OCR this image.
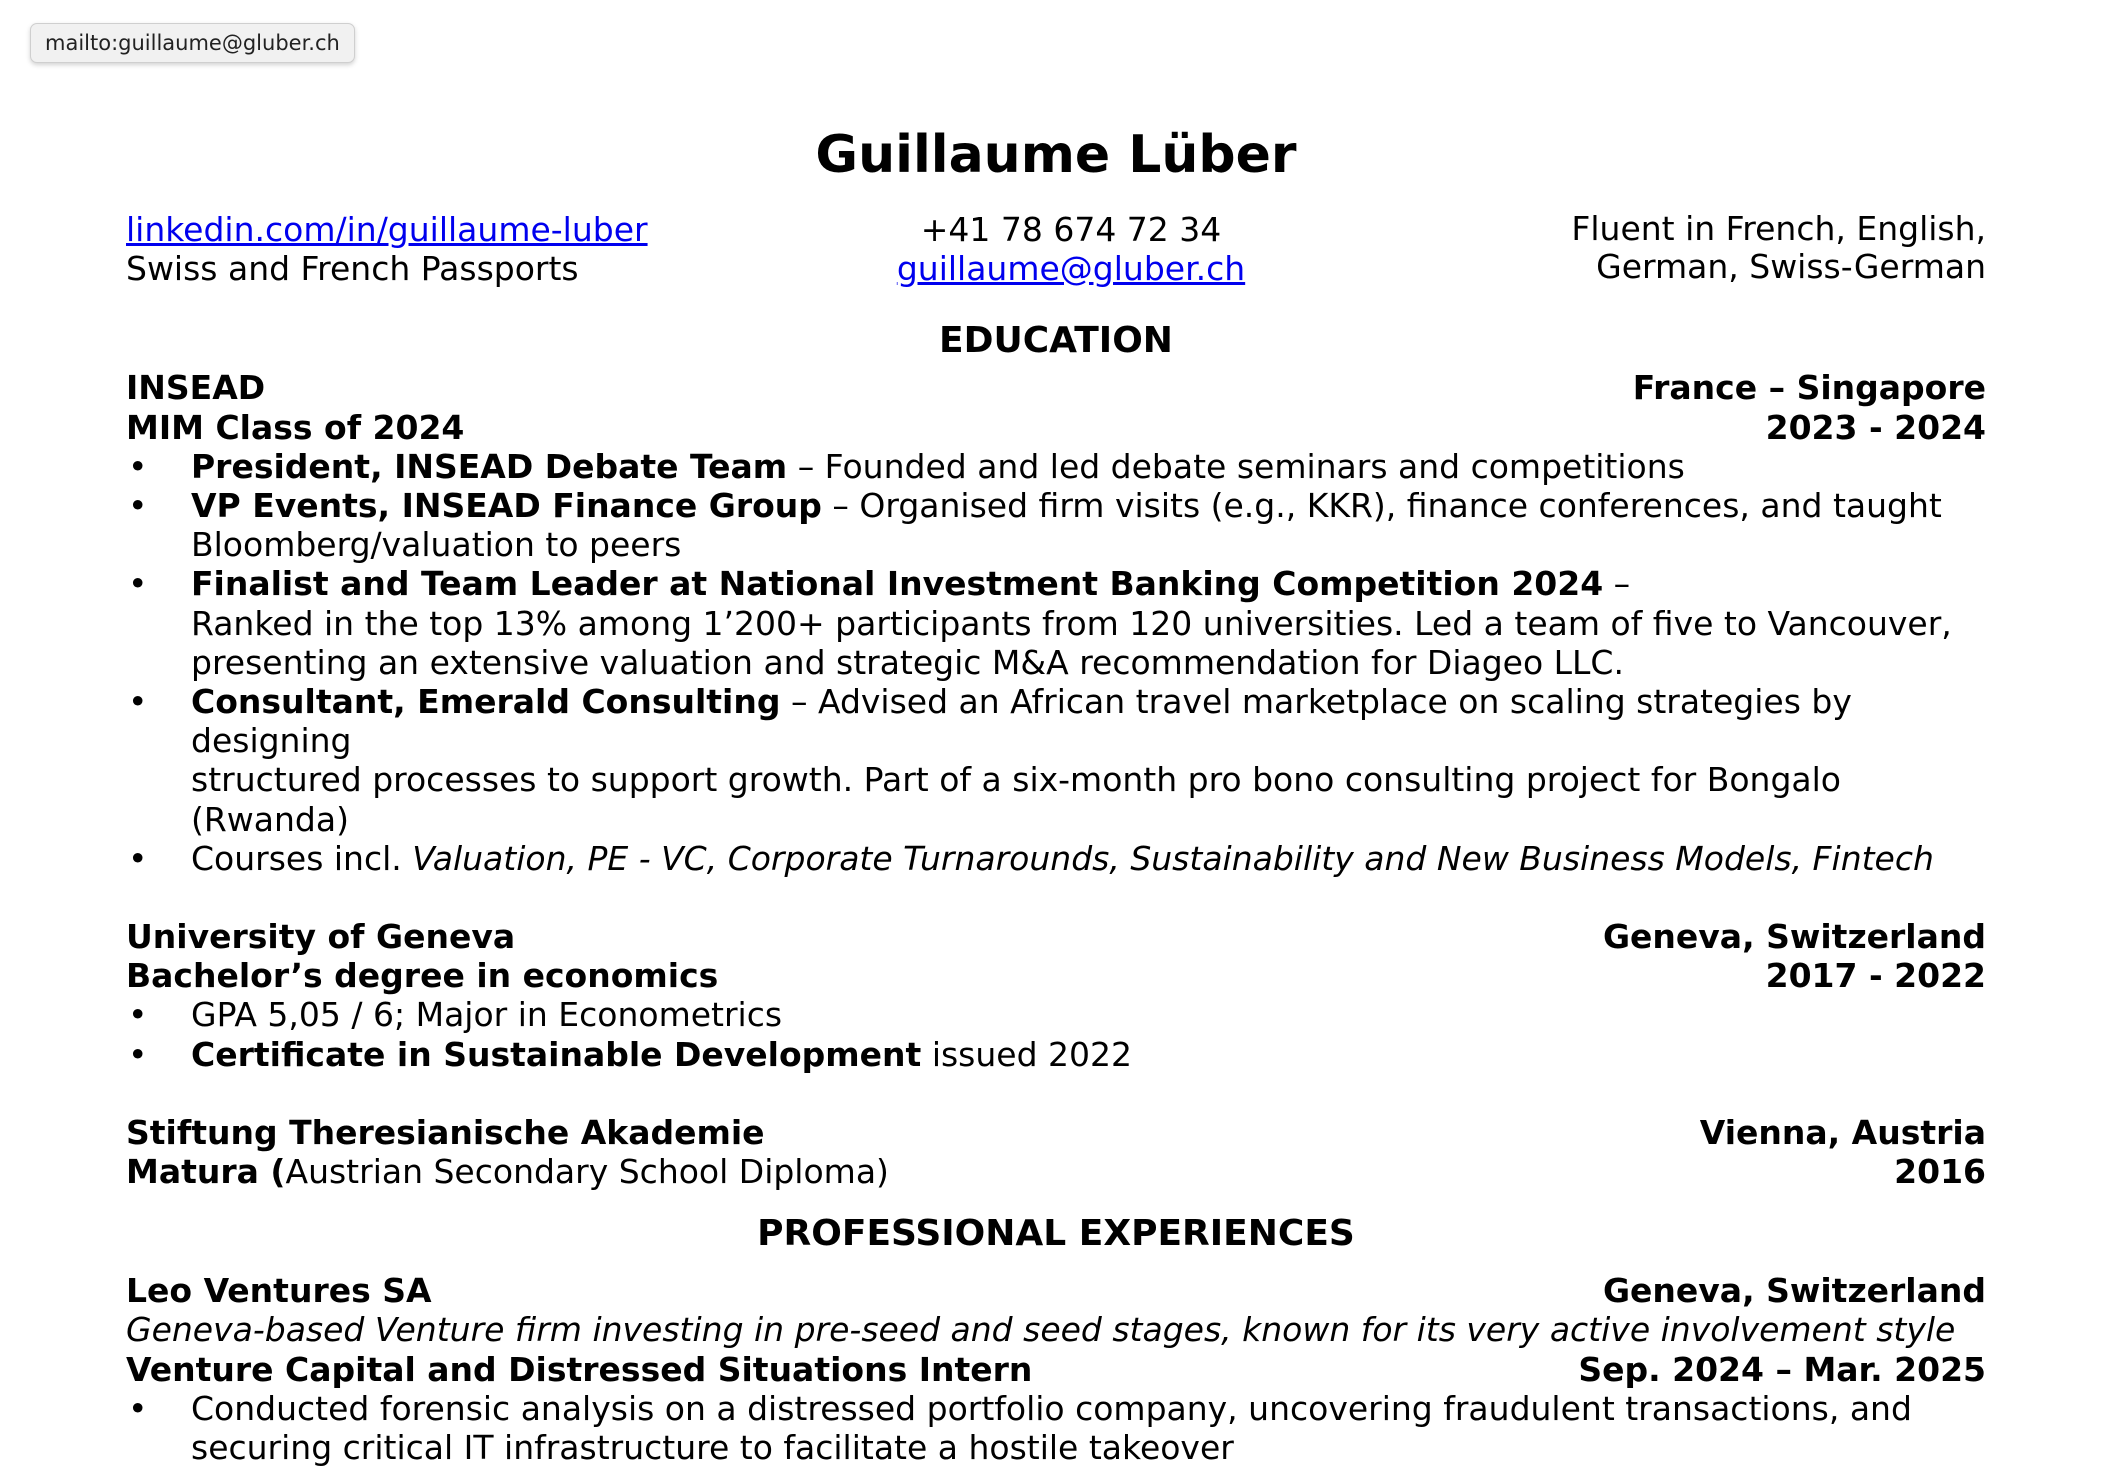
mailto:guillaume@gluber.ch
Guillaume Lüber
linkedin.com/in/guillaume-luber
Swiss and French Passports
+41 78 674 72 34
guillaume@gluber.ch
Fluent in French, English,
German, Swiss-German
EDUCATION
INSEAD	France – Singapore
MIM Class of 2024	2023 - 2024
• President, INSEAD Debate Team – Founded and led debate seminars and competitions
• VP Events, INSEAD Finance Group – Organised firm visits (e.g., KKR), finance conferences, and taught
Bloomberg/valuation to peers
• Finalist and Team Leader at National Investment Banking Competition 2024 –
Ranked in the top 13% among 1’200+ participants from 120 universities. Led a team of five to Vancouver,
presenting an extensive valuation and strategic M&A recommendation for Diageo LLC.
• Consultant, Emerald Consulting – Advised an African travel marketplace on scaling strategies by designing
structured processes to support growth. Part of a six-month pro bono consulting project for Bongalo (Rwanda)
• Courses incl. Valuation, PE - VC, Corporate Turnarounds, Sustainability and New Business Models, Fintech
University of Geneva	Geneva, Switzerland
Bachelor’s degree in economics	2017 - 2022
• GPA 5,05 / 6; Major in Econometrics
• Certificate in Sustainable Development issued 2022
Stiftung Theresianische Akademie	Vienna, Austria
Matura (Austrian Secondary School Diploma)	2016
PROFESSIONAL EXPERIENCES
Leo Ventures SA	Geneva, Switzerland
Geneva-based Venture firm investing in pre-seed and seed stages, known for its very active involvement style
Venture Capital and Distressed Situations Intern	Sep. 2024 – Mar. 2025
• Conducted forensic analysis on a distressed portfolio company, uncovering fraudulent transactions, and
securing critical IT infrastructure to facilitate a hostile takeover
